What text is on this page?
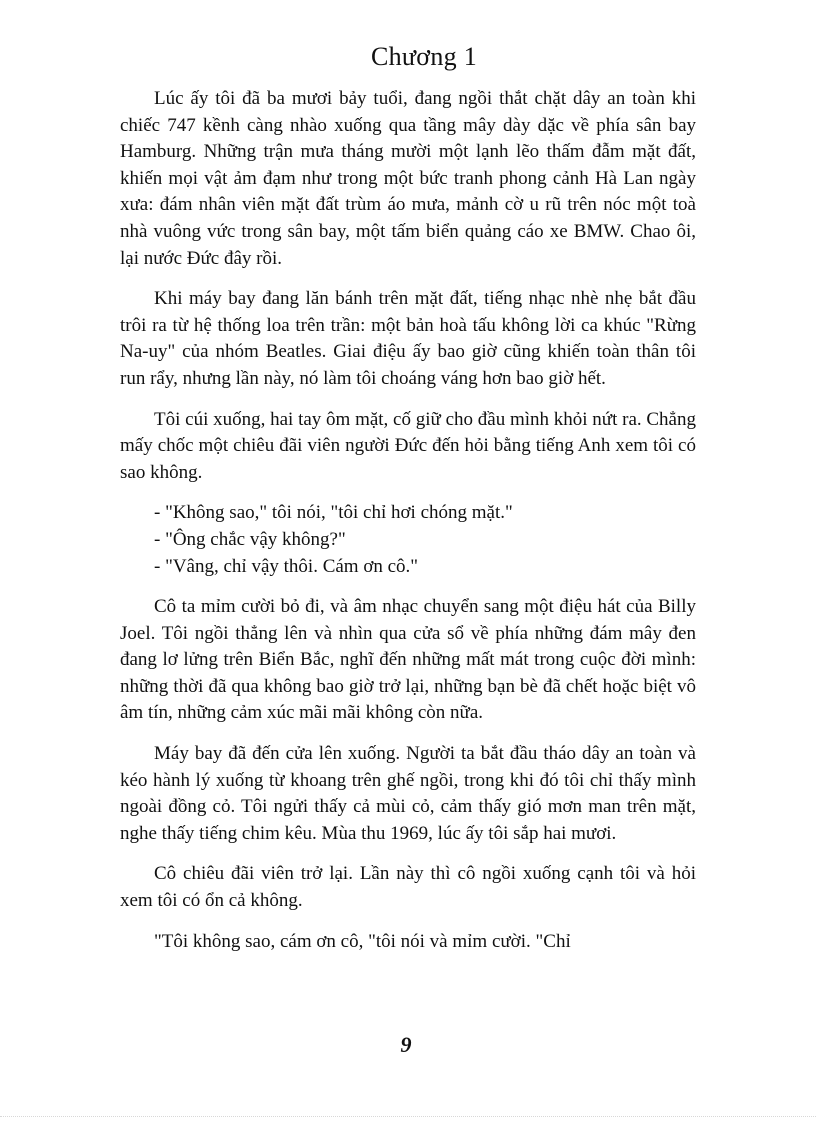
Chương 1

Lúc ấy tôi đã ba mươi bảy tuổi, đang ngồi thắt chặt dây an toàn khi chiếc 747 kềnh càng nhào xuống qua tầng mây dày dặc về phía sân bay Hamburg. Những trận mưa tháng mười một lạnh lẽo thấm đẫm mặt đất, khiến mọi vật ảm đạm như trong một bức tranh phong cảnh Hà Lan ngày xưa: đám nhân viên mặt đất trùm áo mưa, mảnh cờ u rũ trên nóc một toà nhà vuông vức trong sân bay, một tấm biển quảng cáo xe BMW. Chao ôi, lại nước Đức đây rồi.

Khi máy bay đang lăn bánh trên mặt đất, tiếng nhạc nhè nhẹ bắt đầu trôi ra từ hệ thống loa trên trần: một bản hoà tấu không lời ca khúc "Rừng Na-uy" của nhóm Beatles. Giai điệu ấy bao giờ cũng khiến toàn thân tôi run rẩy, nhưng lần này, nó làm tôi choáng váng hơn bao giờ hết.

Tôi cúi xuống, hai tay ôm mặt, cố giữ cho đầu mình khỏi nứt ra. Chẳng mấy chốc một chiêu đãi viên người Đức đến hỏi bằng tiếng Anh xem tôi có sao không.

- "Không sao," tôi nói, "tôi chỉ hơi chóng mặt."

- "Ông chắc vậy không?"

- "Vâng, chỉ vậy thôi. Cám ơn cô."

Cô ta mỉm cười bỏ đi, và âm nhạc chuyển sang một điệu hát của Billy Joel. Tôi ngồi thẳng lên và nhìn qua cửa sổ về phía những đám mây đen đang lơ lửng trên Biển Bắc, nghĩ đến những mất mát trong cuộc đời mình: những thời đã qua không bao giờ trở lại, những bạn bè đã chết hoặc biệt vô âm tín, những cảm xúc mãi mãi không còn nữa.

Máy bay đã đến cửa lên xuống. Người ta bắt đầu tháo dây an toàn và kéo hành lý xuống từ khoang trên ghế ngồi, trong khi đó tôi chỉ thấy mình ngoài đồng cỏ. Tôi ngửi thấy cả mùi cỏ, cảm thấy gió mơn man trên mặt, nghe thấy tiếng chim kêu. Mùa thu 1969, lúc ấy tôi sắp hai mươi.

Cô chiêu đãi viên trở lại. Lần này thì cô ngồi xuống cạnh tôi và hỏi xem tôi có ổn cả không.

"Tôi không sao, cám ơn cô, "tôi nói và mỉm cười. "Chỉ

9
